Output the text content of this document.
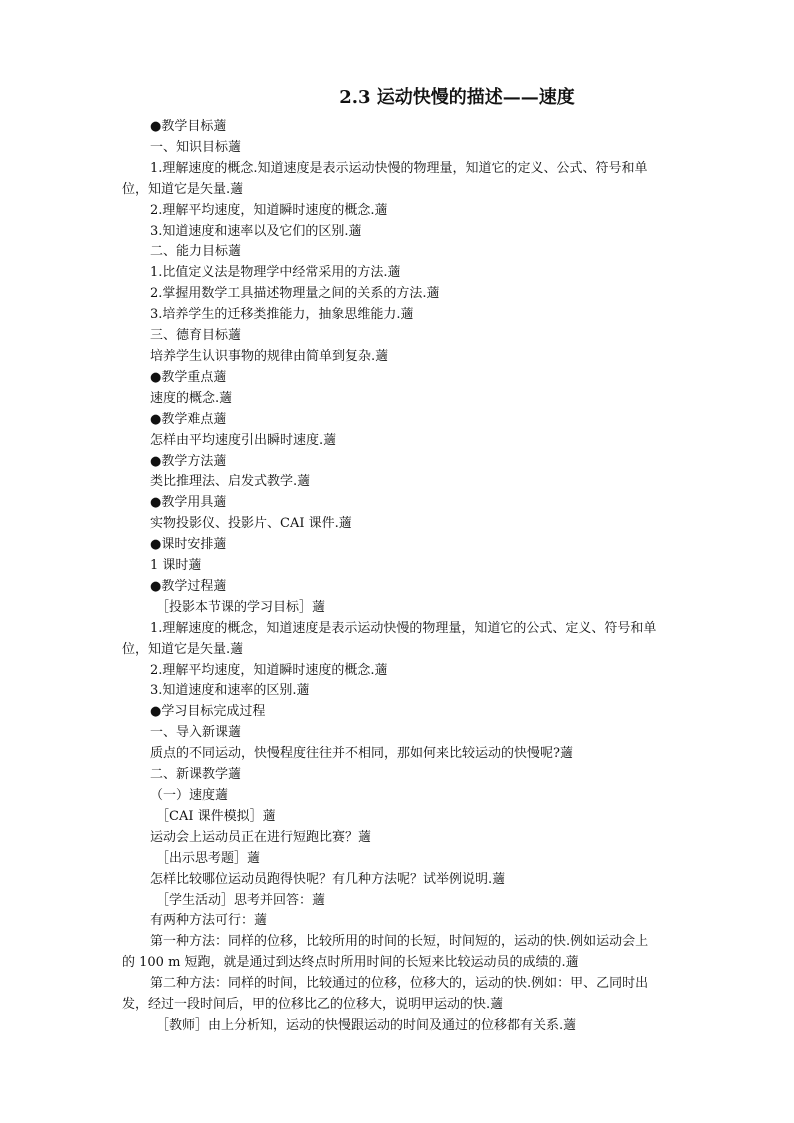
2.3 运动快慢的描述——速度
●教学目标藡
一、知识目标藡
1.理解速度的概念.知道速度是表示运动快慢的物理量，知道它的定义、公式、符号和单
位，知道它是矢量.藡
2.理解平均速度，知道瞬时速度的概念.藡
3.知道速度和速率以及它们的区别.藡
二、能力目标藡
1.比值定义法是物理学中经常采用的方法.藡
2.掌握用数学工具描述物理量之间的关系的方法.藡
3.培养学生的迁移类推能力，抽象思维能力.藡
三、德育目标藡
培养学生认识事物的规律由简单到复杂.藡
●教学重点藡
速度的概念.藡
●教学难点藡
怎样由平均速度引出瞬时速度.藡
●教学方法藡
类比推理法、启发式教学.藡
●教学用具藡
实物投影仪、投影片、CAI 课件.藡
●课时安排藡
1 课时藡
●教学过程藡
［投影本节课的学习目标］藡
1.理解速度的概念，知道速度是表示运动快慢的物理量，知道它的公式、定义、符号和单
位，知道它是矢量.藡
2.理解平均速度，知道瞬时速度的概念.藡
3.知道速度和速率的区别.藡
●学习目标完成过程
一、导入新课藡
质点的不同运动，快慢程度往往并不相同，那如何来比较运动的快慢呢?藡
二、新课教学藡
（一）速度藡
［CAI 课件模拟］藡
运动会上运动员正在进行短跑比赛？藡
［出示思考题］藡
怎样比较哪位运动员跑得快呢？有几种方法呢？试举例说明.藡
［学生活动］思考并回答：藡
有两种方法可行：藡
第一种方法：同样的位移，比较所用的时间的长短，时间短的，运动的快.例如运动会上
的 100 m 短跑，就是通过到达终点时所用时间的长短来比较运动员的成绩的.藡
第二种方法：同样的时间，比较通过的位移，位移大的，运动的快.例如：甲、乙同时出
发，经过一段时间后，甲的位移比乙的位移大，说明甲运动的快.藡
［教师］由上分析知，运动的快慢跟运动的时间及通过的位移都有关系.藡
